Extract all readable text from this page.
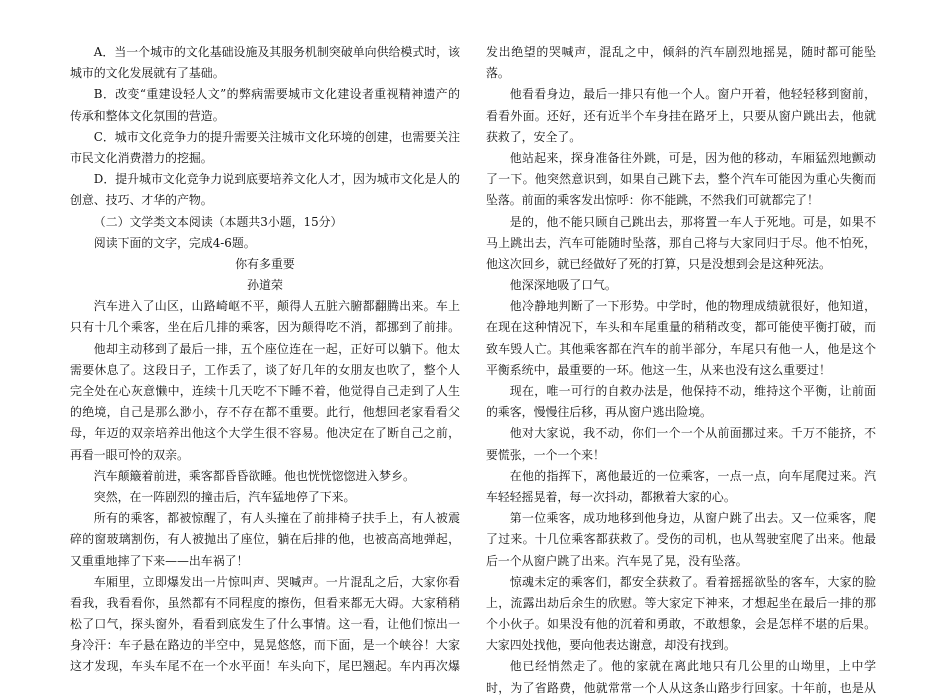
A．当一个城市的文化基础设施及其服务机制突破单向供给模式时，该
城市的文化发展就有了基础。
B．改变“重建设轻人文”的弊病需要城市文化建设者重视精神遗产的
传承和整体文化氛围的营造。
C．城市文化竞争力的提升需要关注城市文化环境的创建，也需要关注
市民文化消费潜力的挖掘。
D．提升城市文化竞争力说到底要培养文化人才，因为城市文化是人的
创意、技巧、才华的产物。
（二）文学类文本阅读（本题共3小题，15分）
阅读下面的文字，完成4-6题。
你有多重要
孙道荣
汽车进入了山区，山路崎岖不平，颠得人五脏六腑都翻腾出来。车上
只有十几个乘客，坐在后几排的乘客，因为颠得吃不消，都挪到了前排。
他却主动移到了最后一排，五个座位连在一起，正好可以躺下。他太
需要休息了。这段日子，工作丢了，谈了好几年的女朋友也吹了，整个人
完全处在心灰意懒中，连续十几天吃不下睡不着，他觉得自己走到了人生
的绝境，自己是那么渺小，存不存在都不重要。此行，他想回老家看看父
母，年迈的双亲培养出他这个大学生很不容易。他决定在了断自己之前，
再看一眼可怜的双亲。
汽车颠簸着前进，乘客都昏昏欲睡。他也恍恍惚惚进入梦乡。
突然，在一阵剧烈的撞击后，汽车猛地停了下来。
所有的乘客，都被惊醒了，有人头撞在了前排椅子扶手上，有人被震
碎的窗玻璃割伤，有人被抛出了座位，躺在后排的他，也被高高地弹起，
又重重地摔了下来——出车祸了！
车厢里，立即爆发出一片惊叫声、哭喊声。一片混乱之后，大家你看
看我，我看看你，虽然都有不同程度的擦伤，但看来都无大碍。大家稍稍
松了口气，探头窗外，看看到底发生了什么事情。这一看，让他们惊出一
身冷汗：车子悬在路边的半空中，晃晃悠悠，而下面，是一个峡谷！大家
这才发现，车头车尾不在一个水平面！车头向下，尾巴翘起。车内再次爆
发出绝望的哭喊声，混乱之中，倾斜的汽车剧烈地摇晃，随时都可能坠
落。
他看看身边，最后一排只有他一个人。窗户开着，他轻轻移到窗前，
看看外面。还好，还有近半个车身挂在路牙上，只要从窗户跳出去，他就
获救了，安全了。
他站起来，探身准备往外跳，可是，因为他的移动，车厢猛烈地颤动
了一下。他突然意识到，如果自己跳下去，整个汽车可能因为重心失衡而
坠落。前面的乘客发出惊呼：你不能跳，不然我们可就都完了！
是的，他不能只顾自己跳出去，那将置一车人于死地。可是，如果不
马上跳出去，汽车可能随时坠落，那自己将与大家同归于尽。他不怕死，
他这次回乡，就已经做好了死的打算，只是没想到会是这种死法。
他深深地吸了口气。
他冷静地判断了一下形势。中学时，他的物理成绩就很好，他知道，
在现在这种情况下，车头和车尾重量的稍稍改变，都可能使平衡打破，而
致车毁人亡。其他乘客都在汽车的前半部分，车尾只有他一人，他是这个
平衡系统中，最重要的一环。他这一生，从来也没有这么重要过！
现在，唯一可行的自救办法是，他保持不动，维持这个平衡，让前面
的乘客，慢慢往后移，再从窗户逃出险境。
他对大家说，我不动，你们一个一个从前面挪过来。千万不能挤，不
要慌张，一个一个来！
在他的指挥下，离他最近的一位乘客，一点一点，向车尾爬过来。汽
车轻轻摇晃着，每一次抖动，都揪着大家的心。
第一位乘客，成功地移到他身边，从窗户跳了出去。又一位乘客，爬
了过来。十几位乘客都获救了。受伤的司机，也从驾驶室爬了出来。他最
后一个从窗户跳了出来。汽车晃了晃，没有坠落。
惊魂未定的乘客们，都安全获救了。看着摇摇欲坠的客车，大家的脸
上，流露出劫后余生的欣慰。等大家定下神来，才想起坐在最后一排的那
个小伙子。如果没有他的沉着和勇敢，不敢想象，会是怎样不堪的后果。
大家四处找他，要向他表达谢意，却没有找到。
他已经悄然走了。他的家就在离此地只有几公里的山坳里，上中学
时，为了省路费，他就常常一个人从这条山路步行回家。十年前，也是从
